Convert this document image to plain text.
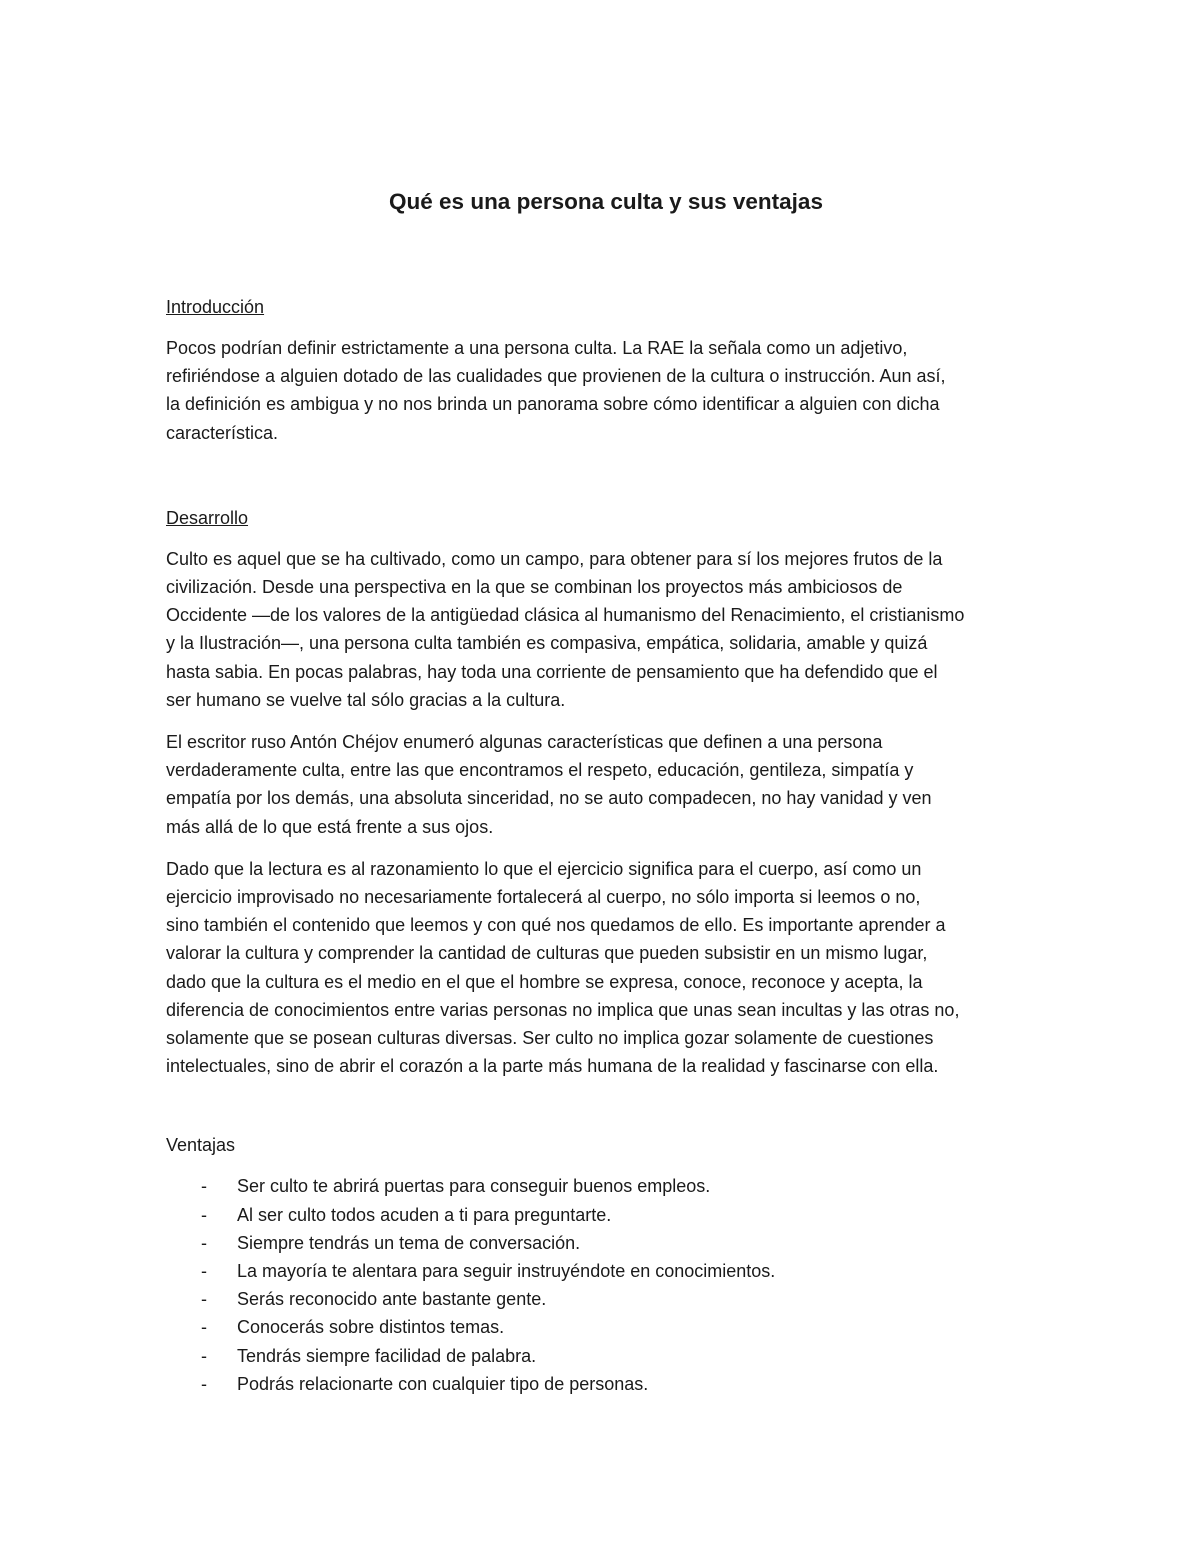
Qué es una persona culta y sus ventajas
Introducción

Pocos podrían definir estrictamente a una persona culta. La RAE la señala como un adjetivo,
refiriéndose a alguien dotado de las cualidades que provienen de la cultura o instrucción. Aun así,
la definición es ambigua y no nos brinda un panorama sobre cómo identificar a alguien con dicha
característica.

Desarrollo

Culto es aquel que se ha cultivado, como un campo, para obtener para sí los mejores frutos de la
civilización. Desde una perspectiva en la que se combinan los proyectos más ambiciosos de
Occidente —de los valores de la antigüedad clásica al humanismo del Renacimiento, el cristianismo
y la Ilustración—, una persona culta también es compasiva, empática, solidaria, amable y quizá
hasta sabia. En pocas palabras, hay toda una corriente de pensamiento que ha defendido que el
ser humano se vuelve tal sólo gracias a la cultura.

El escritor ruso Antón Chéjov enumeró algunas características que definen a una persona
verdaderamente culta, entre las que encontramos el respeto, educación, gentileza, simpatía y
empatía por los demás, una absoluta sinceridad, no se auto compadecen, no hay vanidad y ven
más allá de lo que está frente a sus ojos.

Dado que la lectura es al razonamiento lo que el ejercicio significa para el cuerpo, así como un
ejercicio improvisado no necesariamente fortalecerá al cuerpo, no sólo importa si leemos o no,
sino también el contenido que leemos y con qué nos quedamos de ello. Es importante aprender a
valorar la cultura y comprender la cantidad de culturas que pueden subsistir en un mismo lugar,
dado que la cultura es el medio en el que el hombre se expresa, conoce, reconoce y acepta, la
diferencia de conocimientos entre varias personas no implica que unas sean incultas y las otras no,
solamente que se posean culturas diversas. Ser culto no implica gozar solamente de cuestiones
intelectuales, sino de abrir el corazón a la parte más humana de la realidad y fascinarse con ella.

Ventajas
- Ser culto te abrirá puertas para conseguir buenos empleos.
- Al ser culto todos acuden a ti para preguntarte.
- Siempre tendrás un tema de conversación.
- La mayoría te alentara para seguir instruyéndote en conocimientos.
- Serás reconocido ante bastante gente.
- Conocerás sobre distintos temas.
- Tendrás siempre facilidad de palabra.
- Podrás relacionarte con cualquier tipo de personas.
